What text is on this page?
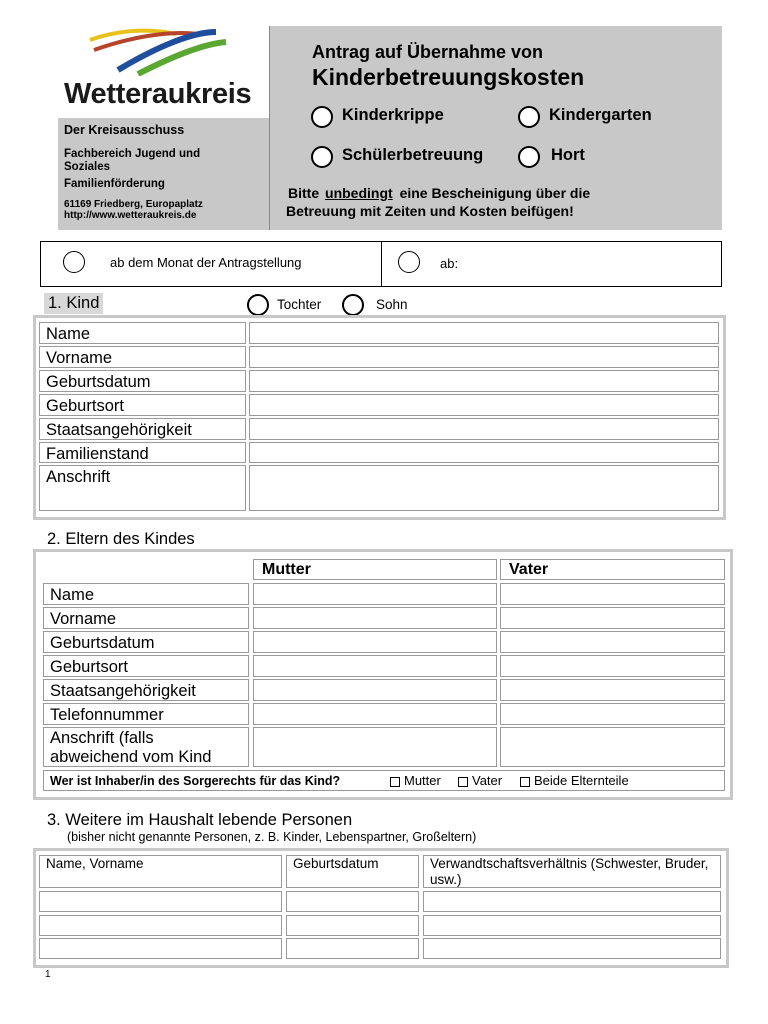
Wetteraukreis
Der Kreisausschuss
Fachbereich Jugend und Soziales
Familienförderung
61169 Friedberg, Europaplatz
http://www.wetteraukreis.de
Antrag auf Übernahme von
Kinderbetreuungskosten
Kinderkrippe	Kindergarten
Schülerbetreuung	Hort
Bitte unbedingt eine Bescheinigung über die
Betreuung mit Zeiten und Kosten beifügen!
ab dem Monat der Antragstellung	ab:
1. Kind	Tochter	Sohn
Name
Vorname
Geburtsdatum
Geburtsort
Staatsangehörigkeit
Familienstand
Anschrift
2. Eltern des Kindes
Mutter	Vater
Name
Vorname
Geburtsdatum
Geburtsort
Staatsangehörigkeit
Telefonnummer
Anschrift (falls
abweichend vom Kind
Wer ist Inhaber/in des Sorgerechts für das Kind?	Mutter	Vater	Beide Elternteile
3. Weitere im Haushalt lebende Personen
(bisher nicht genannte Personen, z. B. Kinder, Lebenspartner, Großeltern)
Name, Vorname	Geburtsdatum	Verwandtschaftsverhältnis (Schwester, Bruder, usw.)
1
